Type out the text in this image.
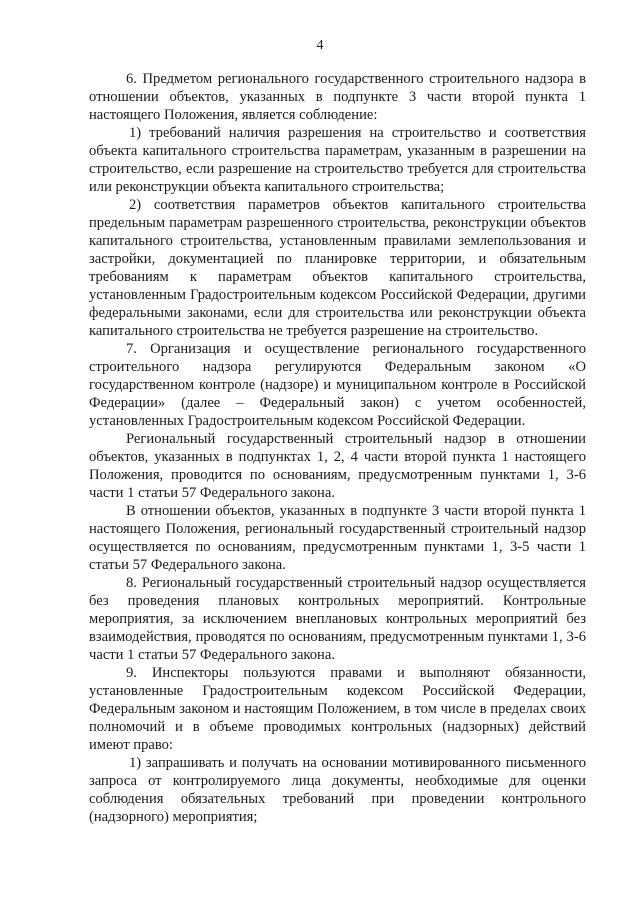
4

6. Предметом регионального государственного строительного надзора в отношении объектов, указанных в подпункте 3 части второй пункта 1 настоящего Положения, является соблюдение:

1) требований наличия разрешения на строительство и соответствия объекта капитального строительства параметрам, указанным в разрешении на строительство, если разрешение на строительство требуется для строительства или реконструкции объекта капитального строительства;

2) соответствия параметров объектов капитального строительства предельным параметрам разрешенного строительства, реконструкции объектов капитального строительства, установленным правилами землепользования и застройки, документацией по планировке территории, и обязательным требованиям к параметрам объектов капитального строительства, установленным Градостроительным кодексом Российской Федерации, другими федеральными законами, если для строительства или реконструкции объекта капитального строительства не требуется разрешение на строительство.

7. Организация и осуществление регионального государственного строительного надзора регулируются Федеральным законом «О государственном контроле (надзоре) и муниципальном контроле в Российской Федерации» (далее – Федеральный закон) с учетом особенностей, установленных Градостроительным кодексом Российской Федерации.

Региональный государственный строительный надзор в отношении объектов, указанных в подпунктах 1, 2, 4 части второй пункта 1 настоящего Положения, проводится по основаниям, предусмотренным пунктами 1, 3-6 части 1 статьи 57 Федерального закона.

В отношении объектов, указанных в подпункте 3 части второй пункта 1 настоящего Положения, региональный государственный строительный надзор осуществляется по основаниям, предусмотренным пунктами 1, 3-5 части 1 статьи 57 Федерального закона.

8. Региональный государственный строительный надзор осуществляется без проведения плановых контрольных мероприятий. Контрольные мероприятия, за исключением внеплановых контрольных мероприятий без взаимодействия, проводятся по основаниям, предусмотренным пунктами 1, 3-6 части 1 статьи 57 Федерального закона.

9. Инспекторы пользуются правами и выполняют обязанности, установленные Градостроительным кодексом Российской Федерации, Федеральным законом и настоящим Положением, в том числе в пределах своих полномочий и в объеме проводимых контрольных (надзорных) действий имеют право:

1) запрашивать и получать на основании мотивированного письменного запроса от контролируемого лица документы, необходимые для оценки соблюдения обязательных требований при проведении контрольного (надзорного) мероприятия;
